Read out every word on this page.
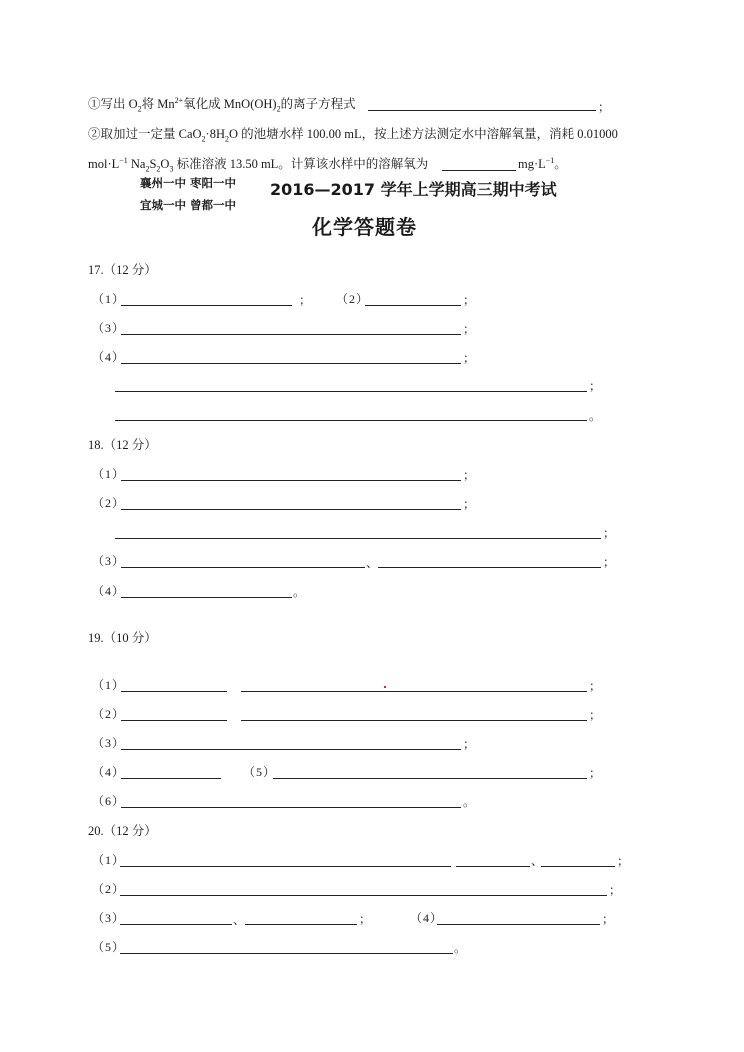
①写出 $O_2$将 $Mn^{2+}$氧化成 $MnO(OH)_2$的离子方程式	；
②取加过一定量 $CaO_2\cdot 8H_2O$ 的池塘水样 100.00 mL，按上述方法测定水中溶解氧量，消耗 0.01000
$mol\cdot L^{-1}$ $Na_2S_2O_3$ 标准溶液 13.50 mL。计算该水样中的溶解氧为	$mg\cdot L^{-1}$。
襄州一中 枣阳一中
宜城一中 曾都一中
2016—2017 学年上学期高三期中考试
化学答题卷
17.（12 分）
（1）	； （2）	；
（3）	；
（4）	；
；
。
18.（12 分）
（1）	；
（2）	；
；
（3）	、	；
（4）	。
19.（10 分）
（1）	；
（2）	；
（3）	；
（4）	（5）	；
（6）	。
20.（12 分）
（1）	、	；
（2）	；
（3）	、	；	（4）	；
（5）	。
